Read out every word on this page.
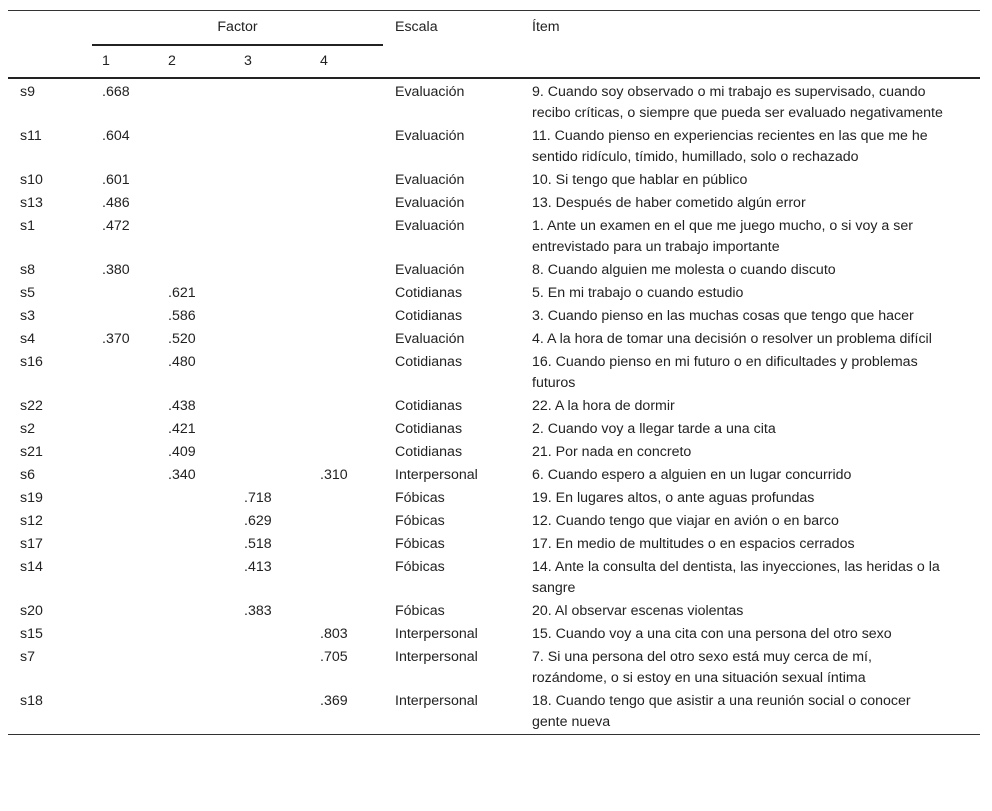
	Factor				Escala	Ítem
	1	2	3	4		
s9	.668				Evaluación	9. Cuando soy observado o mi trabajo es supervisado, cuando recibo críticas, o siempre que pueda ser evaluado negativamente
s11	.604				Evaluación	11. Cuando pienso en experiencias recientes en las que me he sentido ridículo, tímido, humillado, solo o rechazado
s10	.601				Evaluación	10. Si tengo que hablar en público
s13	.486				Evaluación	13. Después de haber cometido algún error
s1	.472				Evaluación	1. Ante un examen en el que me juego mucho, o si voy a ser entrevistado para un trabajo importante
s8	.380				Evaluación	8. Cuando alguien me molesta o cuando discuto
s5		.621			Cotidianas	5. En mi trabajo o cuando estudio
s3		.586			Cotidianas	3. Cuando pienso en las muchas cosas que tengo que hacer
s4	.370	.520			Evaluación	4. A la hora de tomar una decisión o resolver un problema difícil
s16		.480			Cotidianas	16. Cuando pienso en mi futuro o en dificultades y problemas futuros
s22		.438			Cotidianas	22. A la hora de dormir
s2		.421			Cotidianas	2. Cuando voy a llegar tarde a una cita
s21		.409			Cotidianas	21. Por nada en concreto
s6		.340		.310	Interpersonal	6. Cuando espero a alguien en un lugar concurrido
s19			.718		Fóbicas	19. En lugares altos, o ante aguas profundas
s12			.629		Fóbicas	12. Cuando tengo que viajar en avión o en barco
s17			.518		Fóbicas	17. En medio de multitudes o en espacios cerrados
s14			.413		Fóbicas	14. Ante la consulta del dentista, las inyecciones, las heridas o la sangre
s20			.383		Fóbicas	20. Al observar escenas violentas
s15				.803	Interpersonal	15. Cuando voy a una cita con una persona del otro sexo
s7				.705	Interpersonal	7. Si una persona del otro sexo está muy cerca de mí, rozándome, o si estoy en una situación sexual íntima
s18				.369	Interpersonal	18. Cuando tengo que asistir a una reunión social o conocer gente nueva
